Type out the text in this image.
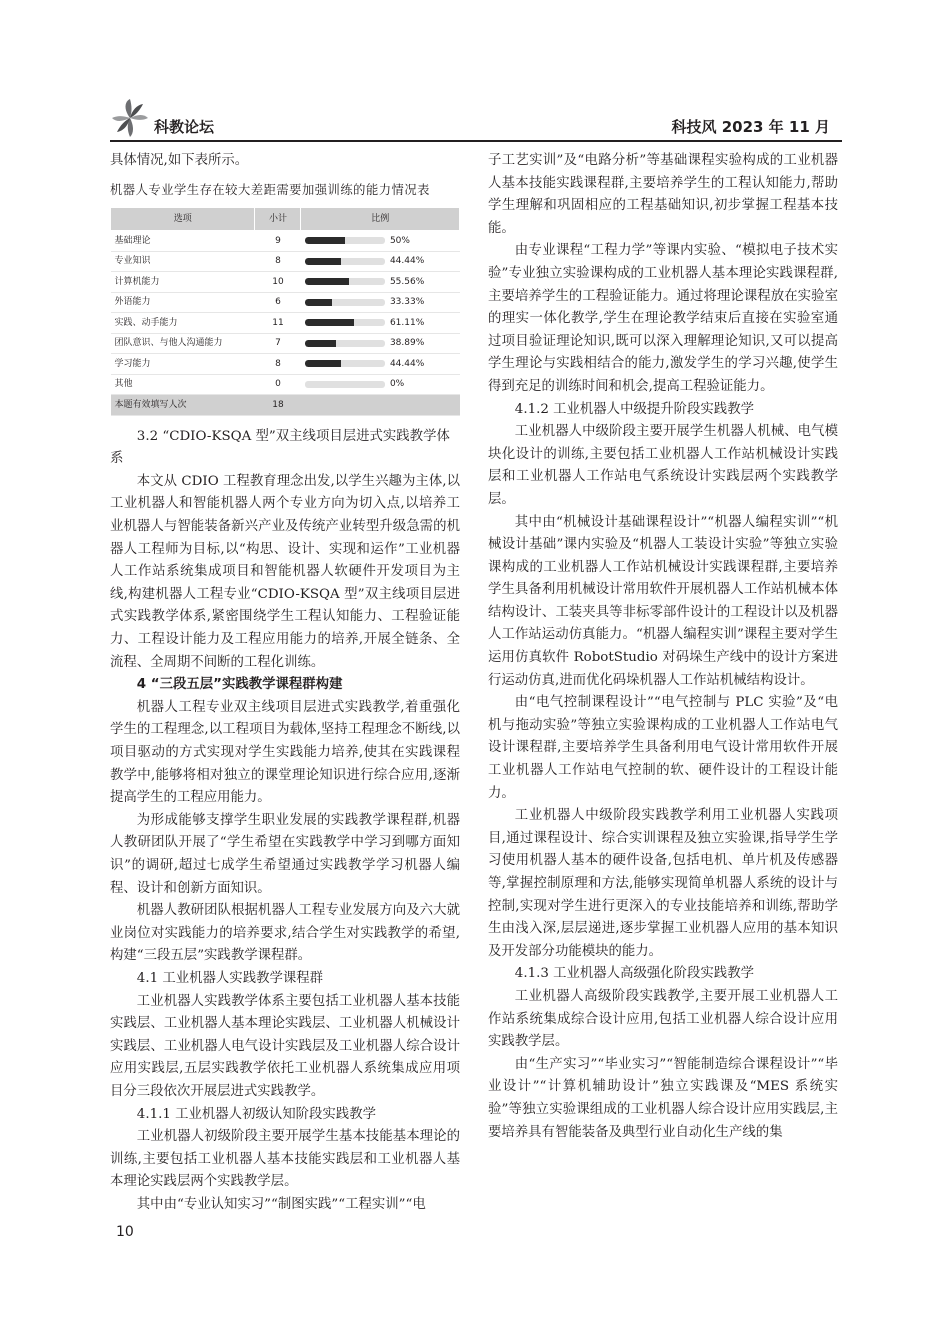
科教论坛	科技风 2023 年 11 月

具体情况,如下表所示。

机器人专业学生存在较大差距需要加强训练的能力情况表
选项	小计	比例
基础理论	9	50%
专业知识	8	44.44%
计算机能力	10	55.56%
外语能力	6	33.33%
实践、动手能力	11	61.11%
团队意识、与他人沟通能力	7	38.89%
学习能力	8	44.44%
其他	0	0%
本题有效填写人次	18	
3.2 “CDIO-KSQA 型”双主线项目层进式实践教学体系

本文从 CDIO 工程教育理念出发,以学生兴趣为主体,以工业机器人和智能机器人两个专业方向为切入点,以培养工业机器人与智能装备新兴产业及传统产业转型升级急需的机器人工程师为目标,以“构思、设计、实现和运作”工业机器人工作站系统集成项目和智能机器人软硬件开发项目为主线,构建机器人工程专业“CDIO-KSQA 型”双主线项目层进式实践教学体系,紧密围绕学生工程认知能力、工程验证能力、工程设计能力及工程应用能力的培养,开展全链条、全流程、全周期不间断的工程化训练。

4 “三段五层”实践教学课程群构建

机器人工程专业双主线项目层进式实践教学,着重强化学生的工程理念,以工程项目为载体,坚持工程理念不断线,以项目驱动的方式实现对学生实践能力培养,使其在实践课程教学中,能够将相对独立的课堂理论知识进行综合应用,逐渐提高学生的工程应用能力。

为形成能够支撑学生职业发展的实践教学课程群,机器人教研团队开展了“学生希望在实践教学中学习到哪方面知识”的调研,超过七成学生希望通过实践教学学习机器人编程、设计和创新方面知识。

机器人教研团队根据机器人工程专业发展方向及六大就业岗位对实践能力的培养要求,结合学生对实践教学的希望,构建“三段五层”实践教学课程群。

4.1 工业机器人实践教学课程群

工业机器人实践教学体系主要包括工业机器人基本技能实践层、工业机器人基本理论实践层、工业机器人机械设计实践层、工业机器人电气设计实践层及工业机器人综合设计应用实践层,五层实践教学依托工业机器人系统集成应用项目分三段依次开展层进式实践教学。

4.1.1 工业机器人初级认知阶段实践教学

工业机器人初级阶段主要开展学生基本技能基本理论的训练,主要包括工业机器人基本技能实践层和工业机器人基本理论实践层两个实践教学层。

其中由“专业认知实习”“制图实践”“工程实训”“电

子工艺实训”及“电路分析”等基础课程实验构成的工业机器人基本技能实践课程群,主要培养学生的工程认知能力,帮助学生理解和巩固相应的工程基础知识,初步掌握工程基本技能。

由专业课程“工程力学”等课内实验、“模拟电子技术实验”专业独立实验课构成的工业机器人基本理论实践课程群,主要培养学生的工程验证能力。通过将理论课程放在实验室的理实一体化教学,学生在理论教学结束后直接在实验室通过项目验证理论知识,既可以深入理解理论知识,又可以提高学生理论与实践相结合的能力,激发学生的学习兴趣,使学生得到充足的训练时间和机会,提高工程验证能力。

4.1.2 工业机器人中级提升阶段实践教学

工业机器人中级阶段主要开展学生机器人机械、电气模块化设计的训练,主要包括工业机器人工作站机械设计实践层和工业机器人工作站电气系统设计实践层两个实践教学层。

其中由“机械设计基础课程设计”“机器人编程实训”“机械设计基础”课内实验及“机器人工装设计实验”等独立实验课构成的工业机器人工作站机械设计实践课程群,主要培养学生具备利用机械设计常用软件开展机器人工作站机械本体结构设计、工装夹具等非标零部件设计的工程设计以及机器人工作站运动仿真能力。“机器人编程实训”课程主要对学生运用仿真软件 RobotStudio 对码垛生产线中的设计方案进行运动仿真,进而优化码垛机器人工作站机械结构设计。

由“电气控制课程设计”“电气控制与 PLC 实验”及“电机与拖动实验”等独立实验课构成的工业机器人工作站电气设计课程群,主要培养学生具备利用电气设计常用软件开展工业机器人工作站电气控制的软、硬件设计的工程设计能力。

工业机器人中级阶段实践教学利用工业机器人实践项目,通过课程设计、综合实训课程及独立实验课,指导学生学习使用机器人基本的硬件设备,包括电机、单片机及传感器等,掌握控制原理和方法,能够实现简单机器人系统的设计与控制,实现对学生进行更深入的专业技能培养和训练,帮助学生由浅入深,层层递进,逐步掌握工业机器人应用的基本知识及开发部分功能模块的能力。

4.1.3 工业机器人高级强化阶段实践教学

工业机器人高级阶段实践教学,主要开展工业机器人工作站系统集成综合设计应用,包括工业机器人综合设计应用实践教学层。

由“生产实习”“毕业实习”“智能制造综合课程设计”“毕业设计”“计算机辅助设计”独立实践课及“MES 系统实验”等独立实验课组成的工业机器人综合设计应用实践层,主要培养具有智能装备及典型行业自动化生产线的集

10
